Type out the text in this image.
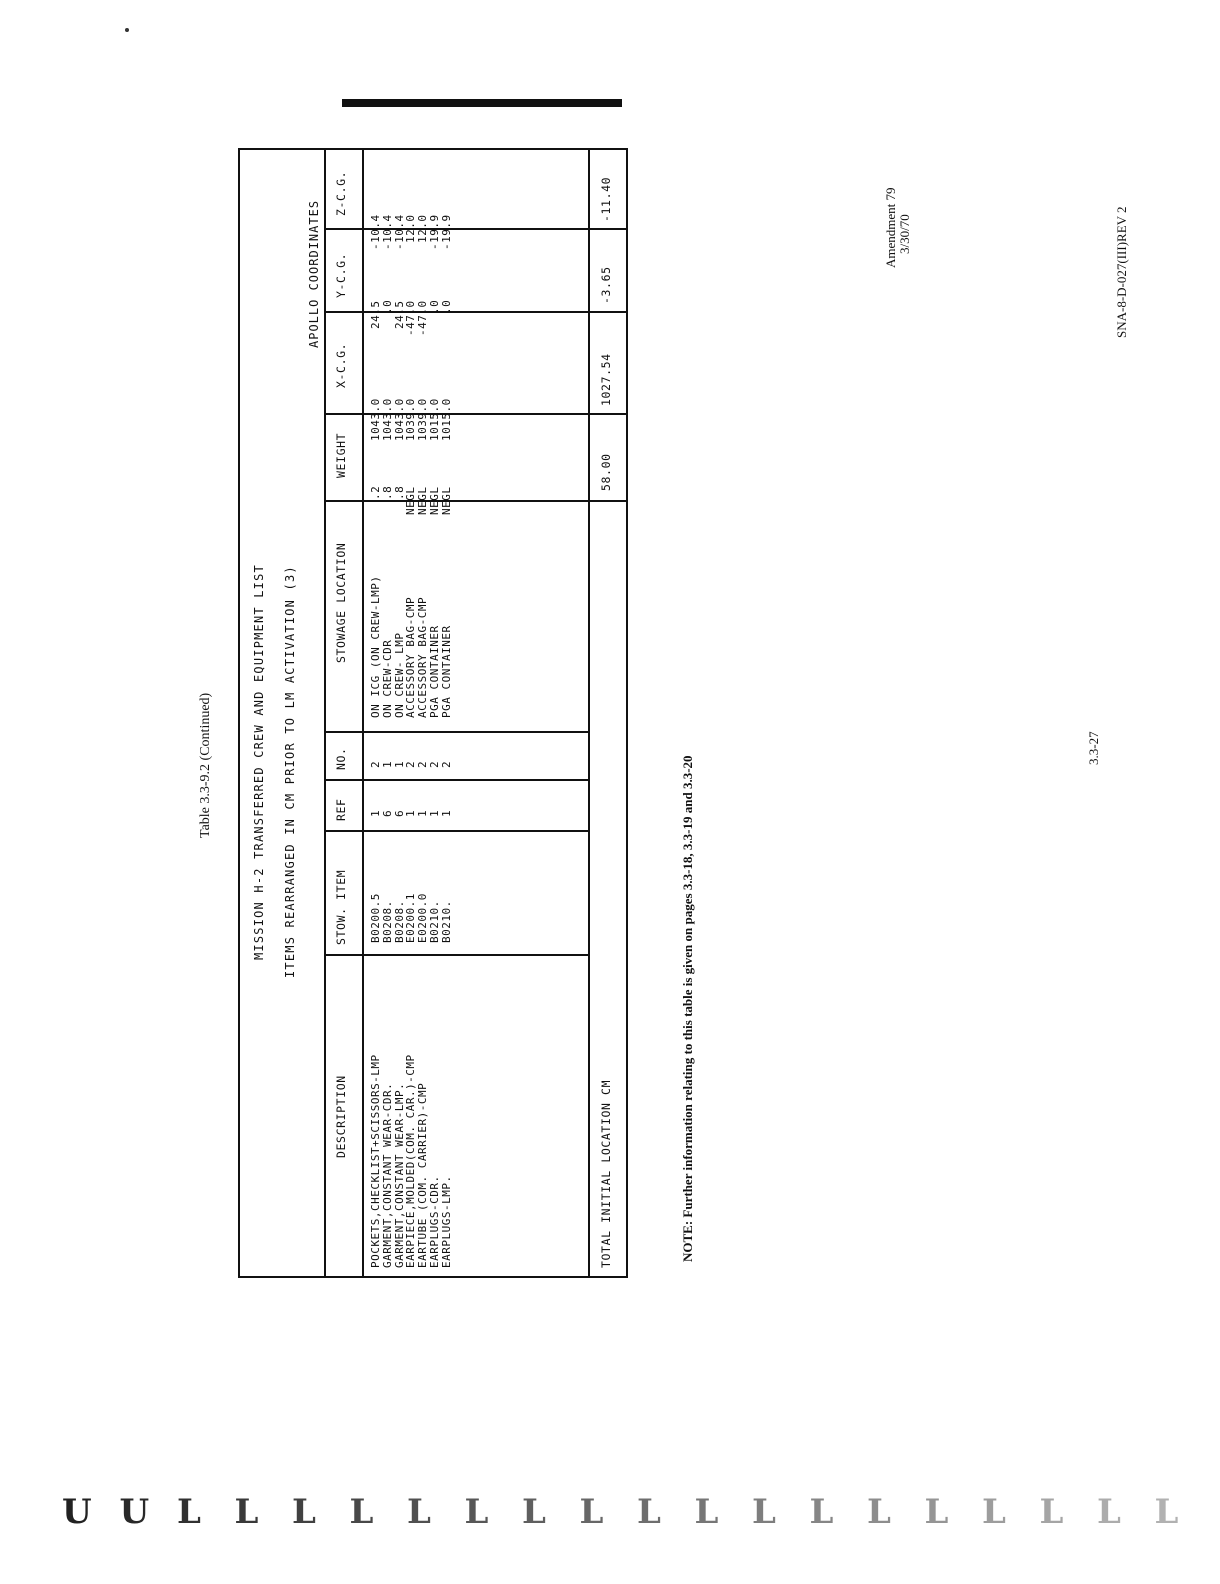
Amendment 79 3/30/70
Table 3.3-9.2 (Continued)	MISSION H-2 TRANSFERRED CREW AND EQUIPMENT LIST ITEMS REARRANGED IN CM PRIOR TO LM ACTIVATION (3)
APOLLO COORDINATES
DESCRIPTION
STOW. ITEM
REF
NO.
STOWAGE LOCATION
WEIGHT
X-C.G.
Y-C.G.
Z-C.G.
POCKETS,CHECKLIST+SCISSORS-LMP
B0200.5
1
2
ON ICG (ON CREW-LMP)
.2
1043.0
24.5
-10.4
GARMENT,CONSTANT WEAR-CDR.
B0208.
6
1
ON CREW-CDR
.8
1043.0
.0
-10.4
GARMENT,CONSTANT WEAR-LMP.
B0208.
6
1
ON CREW- LMP
.8
1043.0
24.5
-10.4
EARPIECE,MOLDED(COM. CAR.)-CMP
E0200.1
1
2
ACCESSORY BAG-CMP
NEGL
1039.0
-47.0
12.0
EARTUBE (COM. CARRIER)-CMP
E0200.0
1
2
ACCESSORY BAG-CMP
NEGL
1039.0
-47.0
12.0
EARPLUGS-CDR.
B0210.
1
2
PGA CONTAINER
NEGL
1015.0
.0
-19.9
EARPLUGS-LMP.
B0210.
1
2
PGA CONTAINER
NEGL
1015.0
.0
-19.9
TOTAL INITIAL LOCATION CM
58.00
1027.54
-3.65
-11.40
NOTE: Further information relating to this table is given on pages 3.3-18, 3.3-19 and 3.3-20
3.3-27
SNA-8-D-027(III)REV 2
U U L L L L L L L L L L L L L L L L L L
